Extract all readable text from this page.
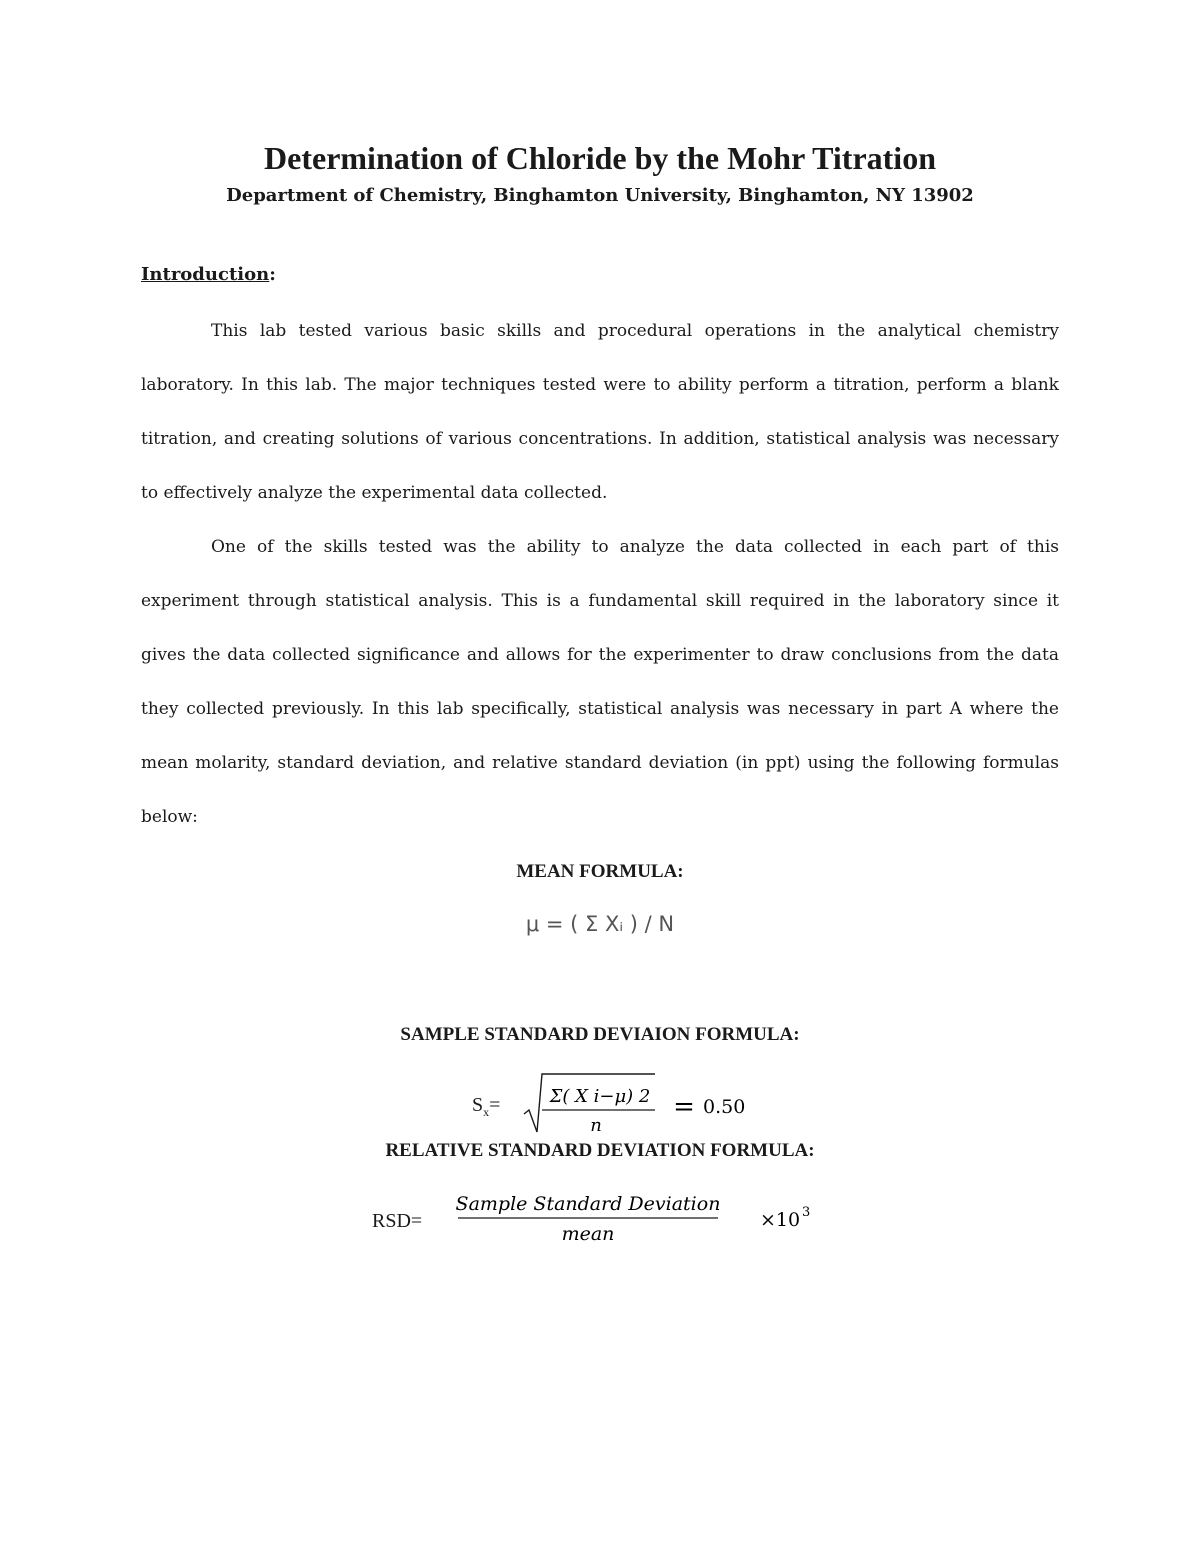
Determination of Chloride by the Mohr Titration
Department of Chemistry, Binghamton University, Binghamton, NY 13902
Introduction:

This lab tested various basic skills and procedural operations in the analytical chemistry laboratory. In this lab. The major techniques tested were to ability perform a titration, perform a blank titration, and creating solutions of various concentrations. In addition, statistical analysis was necessary to effectively analyze the experimental data collected.

One of the skills tested was the ability to analyze the data collected in each part of this experiment through statistical analysis. This is a fundamental skill required in the laboratory since it gives the data collected significance and allows for the experimenter to draw conclusions from the data they collected previously. In this lab specifically, statistical analysis was necessary in part A where the mean molarity, standard deviation, and relative standard deviation (in ppt) using the following formulas below:

MEAN FORMULA:
μ = ( Σ Xᵢ ) / N
SAMPLE STANDARD DEVIAION FORMULA:
$S_x=$	Σ( X i−μ) 2
n
= 0.50
RELATIVE STANDARD DEVIATION FORMULA:
RSD=
Sample Standard Deviation
mean
×10 3
